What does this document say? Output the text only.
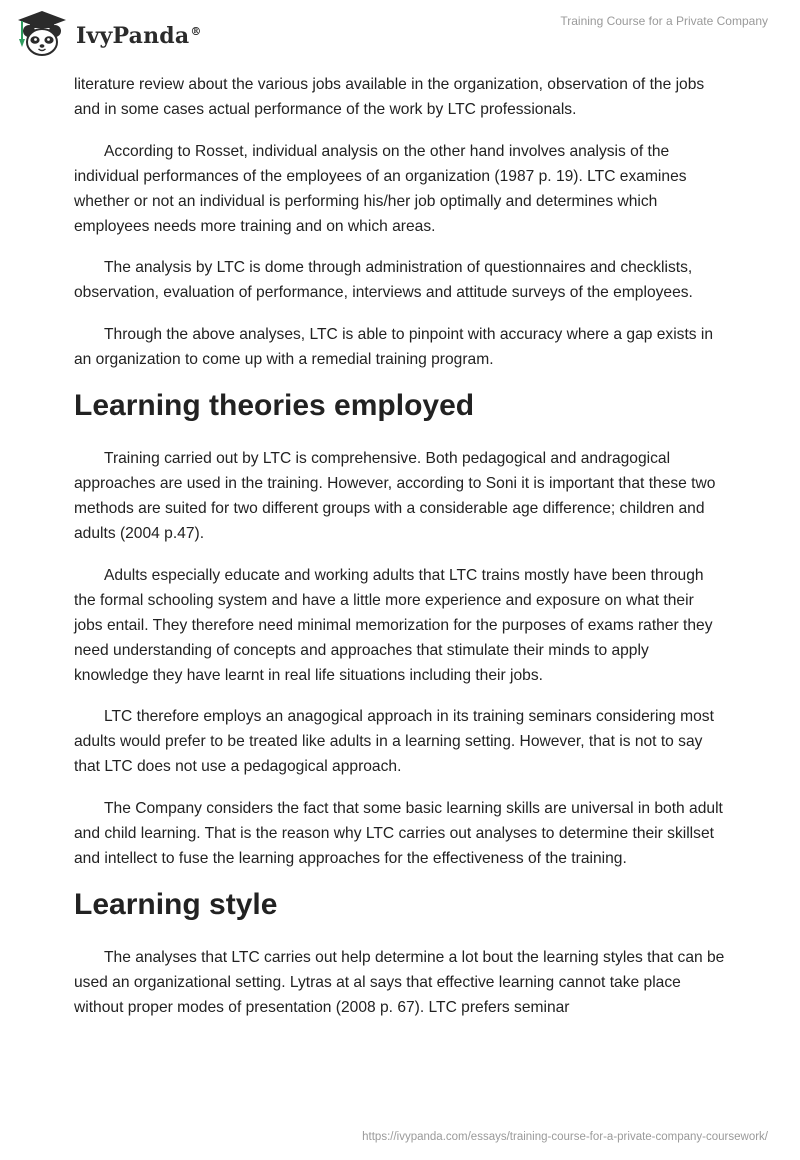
IvyPanda®
Training Course for a Private Company

literature review about the various jobs available in the organization, observation of the jobs and in some cases actual performance of the work by LTC professionals.

According to Rosset, individual analysis on the other hand involves analysis of the individual performances of the employees of an organization (1987 p. 19). LTC examines whether or not an individual is performing his/her job optimally and determines which employees needs more training and on which areas.

The analysis by LTC is dome through administration of questionnaires and checklists, observation, evaluation of performance, interviews and attitude surveys of the employees.

Through the above analyses, LTC is able to pinpoint with accuracy where a gap exists in an organization to come up with a remedial training program.

Learning theories employed

Training carried out by LTC is comprehensive. Both pedagogical and andragogical approaches are used in the training. However, according to Soni it is important that these two methods are suited for two different groups with a considerable age difference; children and adults (2004 p.47).

Adults especially educate and working adults that LTC trains mostly have been through the formal schooling system and have a little more experience and exposure on what their jobs entail. They therefore need minimal memorization for the purposes of exams rather they need understanding of concepts and approaches that stimulate their minds to apply knowledge they have learnt in real life situations including their jobs.

LTC therefore employs an anagogical approach in its training seminars considering most adults would prefer to be treated like adults in a learning setting. However, that is not to say that LTC does not use a pedagogical approach.

The Company considers the fact that some basic learning skills are universal in both adult and child learning. That is the reason why LTC carries out analyses to determine their skillset and intellect to fuse the learning approaches for the effectiveness of the training.

Learning style

The analyses that LTC carries out help determine a lot bout the learning styles that can be used an organizational setting. Lytras at al says that effective learning cannot take place without proper modes of presentation (2008 p. 67). LTC prefers seminar

https://ivypanda.com/essays/training-course-for-a-private-company-coursework/
